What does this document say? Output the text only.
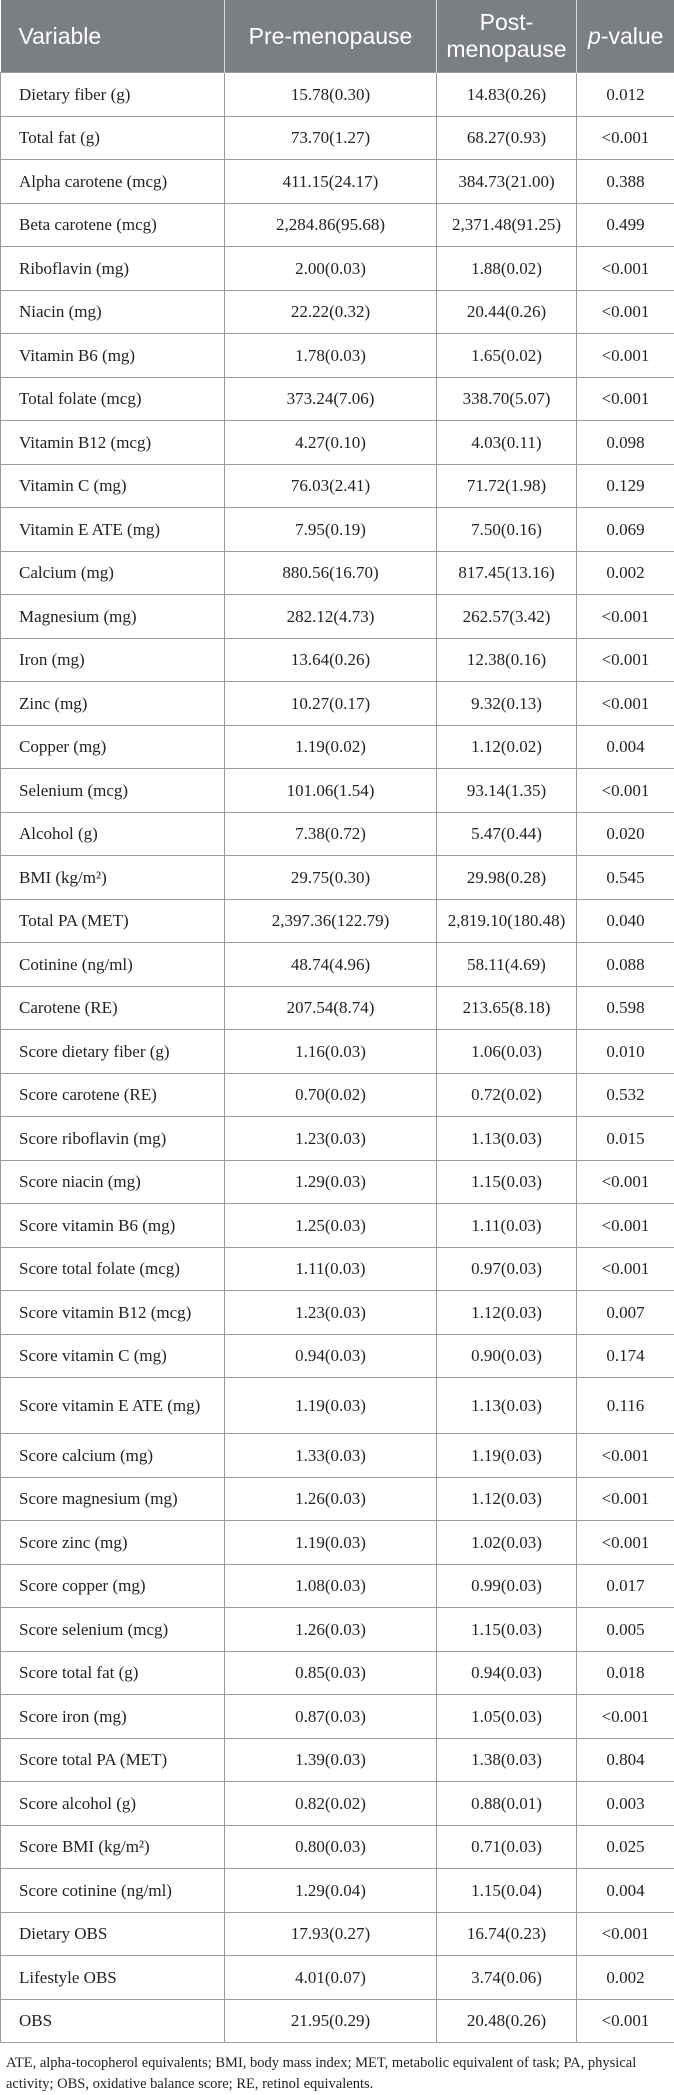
Variable	Pre-menopause	Post-menopause	p-value
Dietary fiber (g)	15.78(0.30)	14.83(0.26)	0.012
Total fat (g)	73.70(1.27)	68.27(0.93)	<0.001
Alpha carotene (mcg)	411.15(24.17)	384.73(21.00)	0.388
Beta carotene (mcg)	2,284.86(95.68)	2,371.48(91.25)	0.499
Riboflavin (mg)	2.00(0.03)	1.88(0.02)	<0.001
Niacin (mg)	22.22(0.32)	20.44(0.26)	<0.001
Vitamin B6 (mg)	1.78(0.03)	1.65(0.02)	<0.001
Total folate (mcg)	373.24(7.06)	338.70(5.07)	<0.001
Vitamin B12 (mcg)	4.27(0.10)	4.03(0.11)	0.098
Vitamin C (mg)	76.03(2.41)	71.72(1.98)	0.129
Vitamin E ATE (mg)	7.95(0.19)	7.50(0.16)	0.069
Calcium (mg)	880.56(16.70)	817.45(13.16)	0.002
Magnesium (mg)	282.12(4.73)	262.57(3.42)	<0.001
Iron (mg)	13.64(0.26)	12.38(0.16)	<0.001
Zinc (mg)	10.27(0.17)	9.32(0.13)	<0.001
Copper (mg)	1.19(0.02)	1.12(0.02)	0.004
Selenium (mcg)	101.06(1.54)	93.14(1.35)	<0.001
Alcohol (g)	7.38(0.72)	5.47(0.44)	0.020
BMI (kg/m²)	29.75(0.30)	29.98(0.28)	0.545
Total PA (MET)	2,397.36(122.79)	2,819.10(180.48)	0.040
Cotinine (ng/ml)	48.74(4.96)	58.11(4.69)	0.088
Carotene (RE)	207.54(8.74)	213.65(8.18)	0.598
Score dietary fiber (g)	1.16(0.03)	1.06(0.03)	0.010
Score carotene (RE)	0.70(0.02)	0.72(0.02)	0.532
Score riboflavin (mg)	1.23(0.03)	1.13(0.03)	0.015
Score niacin (mg)	1.29(0.03)	1.15(0.03)	<0.001
Score vitamin B6 (mg)	1.25(0.03)	1.11(0.03)	<0.001
Score total folate (mcg)	1.11(0.03)	0.97(0.03)	<0.001
Score vitamin B12 (mcg)	1.23(0.03)	1.12(0.03)	0.007
Score vitamin C (mg)	0.94(0.03)	0.90(0.03)	0.174
Score vitamin E ATE (mg)	1.19(0.03)	1.13(0.03)	0.116
Score calcium (mg)	1.33(0.03)	1.19(0.03)	<0.001
Score magnesium (mg)	1.26(0.03)	1.12(0.03)	<0.001
Score zinc (mg)	1.19(0.03)	1.02(0.03)	<0.001
Score copper (mg)	1.08(0.03)	0.99(0.03)	0.017
Score selenium (mcg)	1.26(0.03)	1.15(0.03)	0.005
Score total fat (g)	0.85(0.03)	0.94(0.03)	0.018
Score iron (mg)	0.87(0.03)	1.05(0.03)	<0.001
Score total PA (MET)	1.39(0.03)	1.38(0.03)	0.804
Score alcohol (g)	0.82(0.02)	0.88(0.01)	0.003
Score BMI (kg/m²)	0.80(0.03)	0.71(0.03)	0.025
Score cotinine (ng/ml)	1.29(0.04)	1.15(0.04)	0.004
Dietary OBS	17.93(0.27)	16.74(0.23)	<0.001
Lifestyle OBS	4.01(0.07)	3.74(0.06)	0.002
OBS	21.95(0.29)	20.48(0.26)	<0.001
ATE, alpha-tocopherol equivalents; BMI, body mass index; MET, metabolic equivalent of task; PA, physical activity; OBS, oxidative balance score; RE, retinol equivalents.
